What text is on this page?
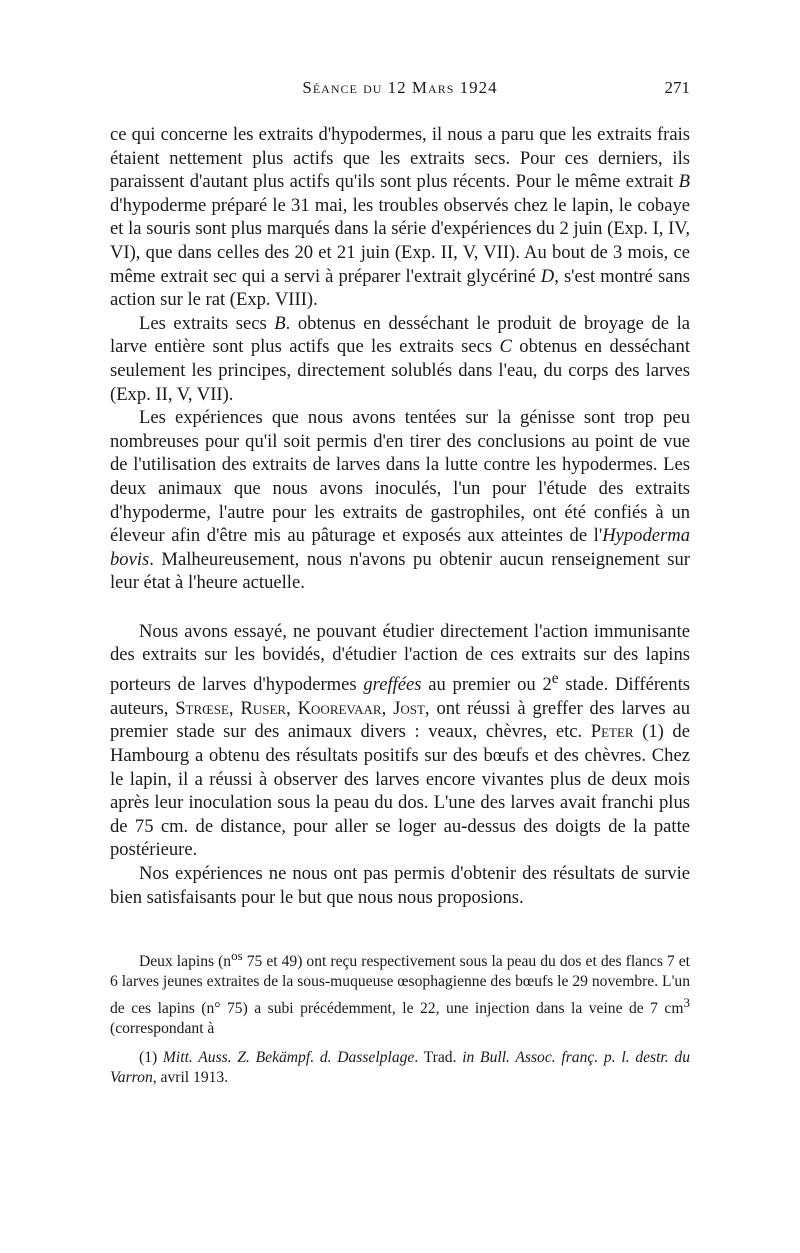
Séance du 12 Mars 1924	271

ce qui concerne les extraits d'hypodermes, il nous a paru que les extraits frais étaient nettement plus actifs que les extraits secs. Pour ces derniers, ils paraissent d'autant plus actifs qu'ils sont plus récents. Pour le même extrait B d'hypoderme préparé le 31 mai, les troubles observés chez le lapin, le cobaye et la souris sont plus marqués dans la série d'expériences du 2 juin (Exp. I, IV, VI), que dans celles des 20 et 21 juin (Exp. II, V, VII). Au bout de 3 mois, ce même extrait sec qui a servi à préparer l'extrait glycériné D, s'est montré sans action sur le rat (Exp. VIII).

Les extraits secs B. obtenus en desséchant le produit de broyage de la larve entière sont plus actifs que les extraits secs C obtenus en desséchant seulement les principes, directement solublés dans l'eau, du corps des larves (Exp. II, V, VII).

Les expériences que nous avons tentées sur la génisse sont trop peu nombreuses pour qu'il soit permis d'en tirer des conclusions au point de vue de l'utilisation des extraits de larves dans la lutte contre les hypodermes. Les deux animaux que nous avons inoculés, l'un pour l'étude des extraits d'hypoderme, l'autre pour les extraits de gastrophiles, ont été confiés à un éleveur afin d'être mis au pâturage et exposés aux atteintes de l'Hypoderma bovis. Malheureusement, nous n'avons pu obtenir aucun renseignement sur leur état à l'heure actuelle.

Nous avons essayé, ne pouvant étudier directement l'action immunisante des extraits sur les bovidés, d'étudier l'action de ces extraits sur des lapins porteurs de larves d'hypodermes greffées au premier ou 2e stade. Différents auteurs, Strœse, Ruser, Koorevaar, Jost, ont réussi à greffer des larves au premier stade sur des animaux divers : veaux, chèvres, etc. Peter (1) de Hambourg a obtenu des résultats positifs sur des bœufs et des chèvres. Chez le lapin, il a réussi à observer des larves encore vivantes plus de deux mois après leur inoculation sous la peau du dos. L'une des larves avait franchi plus de 75 cm. de distance, pour aller se loger au-dessus des doigts de la patte postérieure.

Nos expériences ne nous ont pas permis d'obtenir des résultats de survie bien satisfaisants pour le but que nous nous proposions.

Deux lapins ($n^{os}$ 75 et 49) ont reçu respectivement sous la peau du dos et des flancs 7 et 6 larves jeunes extraites de la sous-muqueuse œsophagienne des bœufs le 29 novembre. L'un de ces lapins (n° 75) a subi précédemment, le 22, une injection dans la veine de 7 $cm^3$ (correspondant à

(1) Mitt. Auss. Z. Bekämpf. d. Dasselplage. Trad. in Bull. Assoc. franç. p. l. destr. du Varron, avril 1913.
